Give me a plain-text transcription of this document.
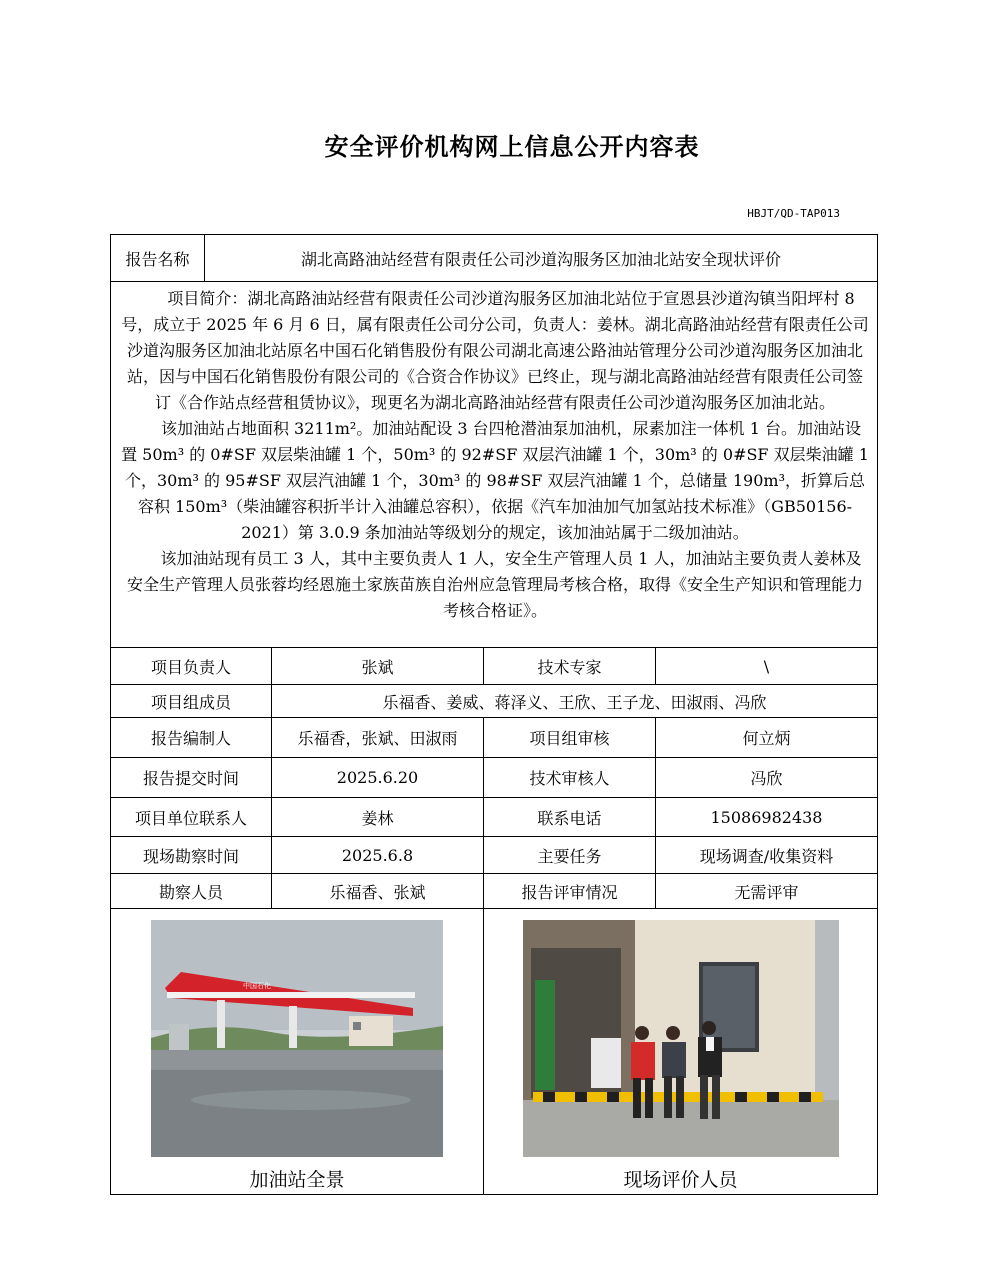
安全评价机构网上信息公开内容表
HBJT/QD-TAP013
报告名称	湖北高路油站经营有限责任公司沙道沟服务区加油北站安全现状评价			

项目简介：湖北高路油站经营有限责任公司沙道沟服务区加油北站位于宣恩县沙道沟镇当阳坪村 8 号，成立于 2025 年 6 月 6 日，属有限责任公司分公司，负责人：姜林。湖北高路油站经营有限责任公司沙道沟服务区加油北站原名中国石化销售股份有限公司湖北高速公路油站管理分公司沙道沟服务区加油北站，因与中国石化销售股份有限公司的《合资合作协议》已终止，现与湖北高路油站经营有限责任公司签订《合作站点经营租赁协议》，现更名为湖北高路油站经营有限责任公司沙道沟服务区加油北站。

该加油站占地面积 3211m²。加油站配设 3 台四枪潜油泵加油机，尿素加注一体机 1 台。加油站设置 50m³ 的 0#SF 双层柴油罐 1 个，50m³ 的 92#SF 双层汽油罐 1 个，30m³ 的 0#SF 双层柴油罐 1 个，30m³ 的 95#SF 双层汽油罐 1 个，30m³ 的 98#SF 双层汽油罐 1 个，总储量 190m³，折算后总容积 150m³（柴油罐容积折半计入油罐总容积），依据《汽车加油加气加氢站技术标准》（GB50156-2021）第 3.0.9 条加油站等级划分的规定，该加油站属于二级加油站。

该加油站现有员工 3 人，其中主要负责人 1 人，安全生产管理人员 1 人，加油站主要负责人姜林及安全生产管理人员张蓉均经恩施土家族苗族自治州应急管理局考核合格，取得《安全生产知识和管理能力考核合格证》。				

项目负责人		张斌	技术专家	\
项目组成员		乐福香、姜威、蒋泽义、王欣、王子龙、田淑雨、冯欣		
报告编制人		乐福香，张斌、田淑雨	项目组审核	何立炳
报告提交时间		2025.6.20	技术审核人	冯欣
项目单位联系人		姜林	联系电话	15086982438
现场勘察时间		2025.6.8	主要任务	现场调查/收集资料
勘察人员		乐福香、张斌	报告评审情况	无需评审

中国石化
加油站全景			现场评价人员	
